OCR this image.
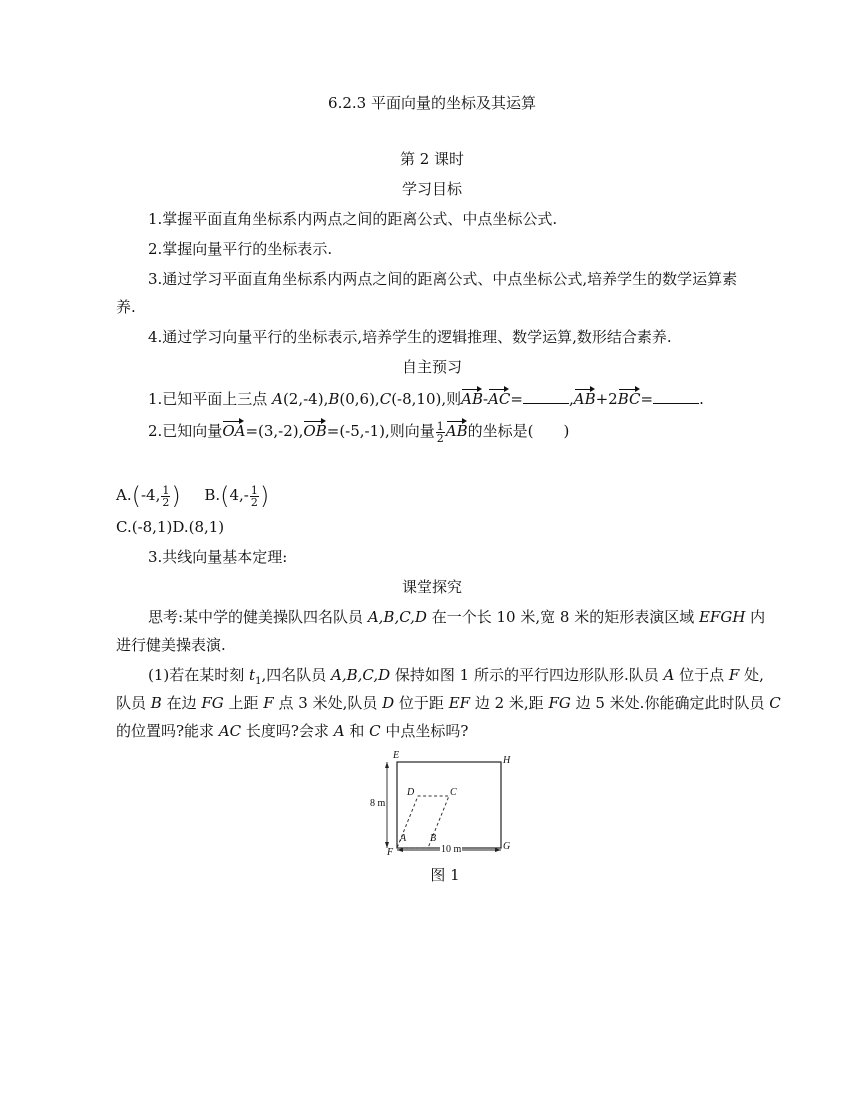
6.2.3 平面向量的坐标及其运算
第 2 课时
学习目标
1.掌握平面直角坐标系内两点之间的距离公式、中点坐标公式.
2.掌握向量平行的坐标表示.
3.通过学习平面直角坐标系内两点之间的距离公式、中点坐标公式,培养学生的数学运算素
养.
4.通过学习向量平行的坐标表示,培养学生的逻辑推理、数学运算,数形结合素养.
自主预习
1.已知平面上三点 A(2,-4),B(0,6),C(-8,10),则AB-AC=	,AB+2BC=	.
2.已知向量OA=(3,-2),OB=(-5,-1),则向量 $\frac{1}{2}$ AB的坐标是(　　)
A.(-4, $\frac{1}{2}$ ) $B.(4,- \frac{1}{2}$ )
C.(-8,1)D.(8,1)
3.共线向量基本定理:
课堂探究
思考:某中学的健美操队四名队员 A,B,C,D 在一个长 10 米,宽 8 米的矩形表演区域 EFGH 内
进行健美操表演.
(1)若在某时刻 $t_1$,四名队员 A,B,C,D 保持如图 1 所示的平行四边形队形.队员 A 位于点 F 处,
队员 B 在边 FG 上距 F 点 3 米处,队员 D 位于距 EF 边 2 米,距 FG 边 5 米处.你能确定此时队员 C
的位置吗?能求 AC 长度吗?会求 A 和 C 中点坐标吗?
E	H
F
G
A B
C
D
8 m
10 m
图 1
